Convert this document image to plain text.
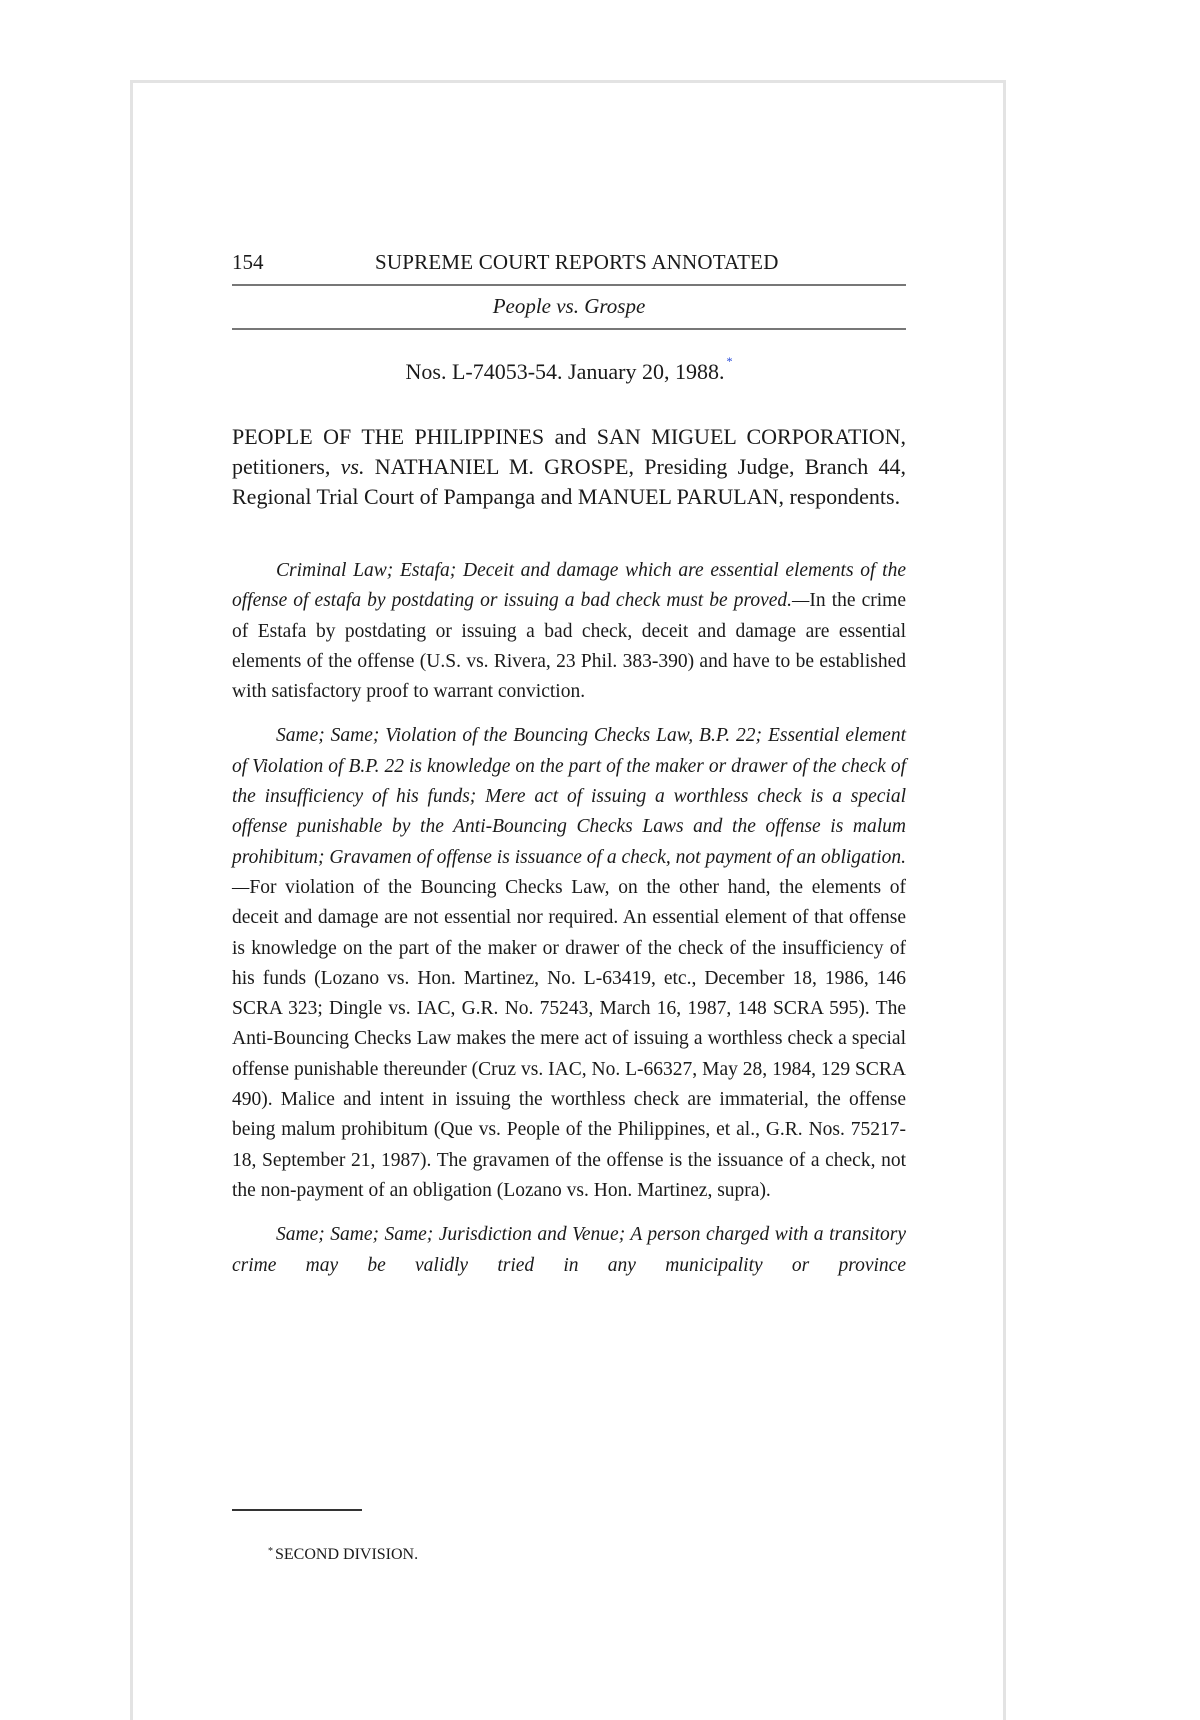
154	SUPREME COURT REPORTS ANNOTATED
People vs. Grospe
Nos. L-74053-54. January 20, 1988. *
PEOPLE OF THE PHILIPPINES and SAN MIGUEL CORPORATION, petitioners, vs. NATHANIEL M. GROSPE, Presiding Judge, Branch 44, Regional Trial Court of Pampanga and MANUEL PARULAN, respondents.

Criminal Law; Estafa; Deceit and damage which are essential elements of the offense of estafa by postdating or issuing a bad check must be proved.—In the crime of Estafa by postdating or issuing a bad check, deceit and damage are essential elements of the offense (U.S. vs. Rivera, 23 Phil. 383-390) and have to be established with satisfactory proof to warrant conviction.

Same; Same; Violation of the Bouncing Checks Law, B.P. 22; Essential element of Violation of B.P. 22 is knowledge on the part of the maker or drawer of the check of the insufficiency of his funds; Mere act of issuing a worthless check is a special offense punishable by the Anti-Bouncing Checks Laws and the offense is malum prohibitum; Gravamen of offense is issuance of a check, not payment of an obligation.—For violation of the Bouncing Checks Law, on the other hand, the elements of deceit and damage are not essential nor required. An essential element of that offense is knowledge on the part of the maker or drawer of the check of the insufficiency of his funds (Lozano vs. Hon. Martinez, No. L-63419, etc., December 18, 1986, 146 SCRA 323; Dingle vs. IAC, G.R. No. 75243, March 16, 1987, 148 SCRA 595). The Anti-Bouncing Checks Law makes the mere act of issuing a worthless check a special offense punishable thereunder (Cruz vs. IAC, No. L-66327, May 28, 1984, 129 SCRA 490). Malice and intent in issuing the worthless check are immaterial, the offense being malum prohibitum (Que vs. People of the Philippines, et al., G.R. Nos. 75217-18, September 21, 1987). The gravamen of the offense is the issuance of a check, not the non-payment of an obligation (Lozano vs. Hon. Martinez, supra).

Same; Same; Same; Jurisdiction and Venue; A person charged with a transitory crime may be validly tried in any municipality or province

* SECOND DIVISION.
